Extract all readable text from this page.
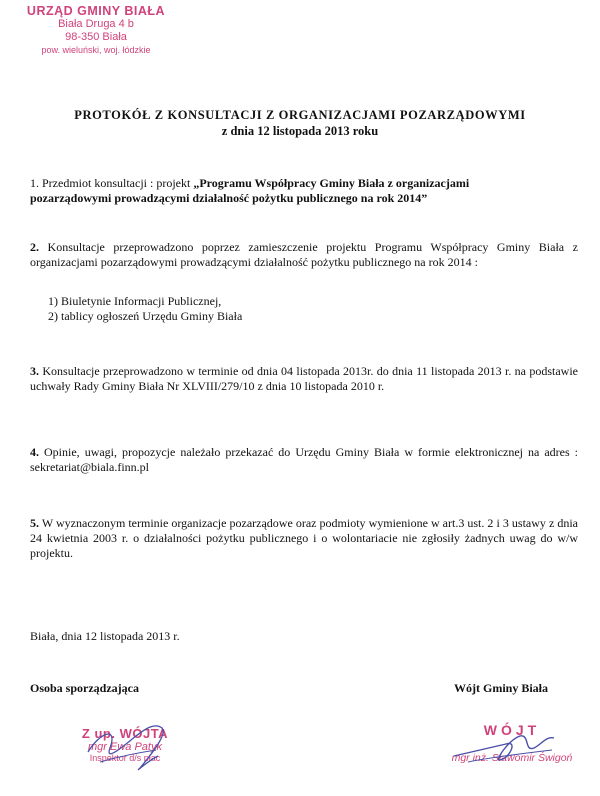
URZĄD GMINY BIAŁA
Biała Druga 4 b
98-350 Biała
pow. wieluński, woj. łódzkie
PROTOKÓŁ Z KONSULTACJI Z ORGANIZACJAMI POZARZĄDOWYMI
z dnia 12 listopada 2013 roku
1. Przedmiot konsultacji : projekt „Programu Współpracy Gminy Biała z organizacjami
pozarządowymi prowadzącymi działalność pożytku publicznego na rok 2014”
2. Konsultacje przeprowadzono poprzez zamieszczenie projektu Programu Współpracy Gminy Biała z organizacjami pozarządowymi prowadzącymi działalność pożytku publicznego na rok 2014 :
1) Biuletynie Informacji Publicznej,
2) tablicy ogłoszeń Urzędu Gminy Biała
3. Konsultacje przeprowadzono w terminie od dnia 04 listopada 2013r. do dnia 11 listopada 2013 r. na podstawie uchwały Rady Gminy Biała Nr XLVIII/279/10 z dnia 10 listopada 2010 r.
4. Opinie, uwagi, propozycje należało przekazać do Urzędu Gminy Biała w formie elektronicznej na adres : sekretariat@biala.finn.pl
5. W wyznaczonym terminie organizacje pozarządowe oraz podmioty wymienione w art.3 ust. 2 i 3 ustawy z dnia 24 kwietnia 2003 r. o działalności pożytku publicznego i o wolontariacie nie zgłosiły żadnych uwag do w/w projektu.
Biała, dnia 12 listopada 2013 r.
Osoba sporządzająca	Wójt Gminy Biała
Z up. WÓJTA
mgr Ewa Patyk
Inspektor d/s płac
WÓJT
mgr inż. Sławomir Świgoń
